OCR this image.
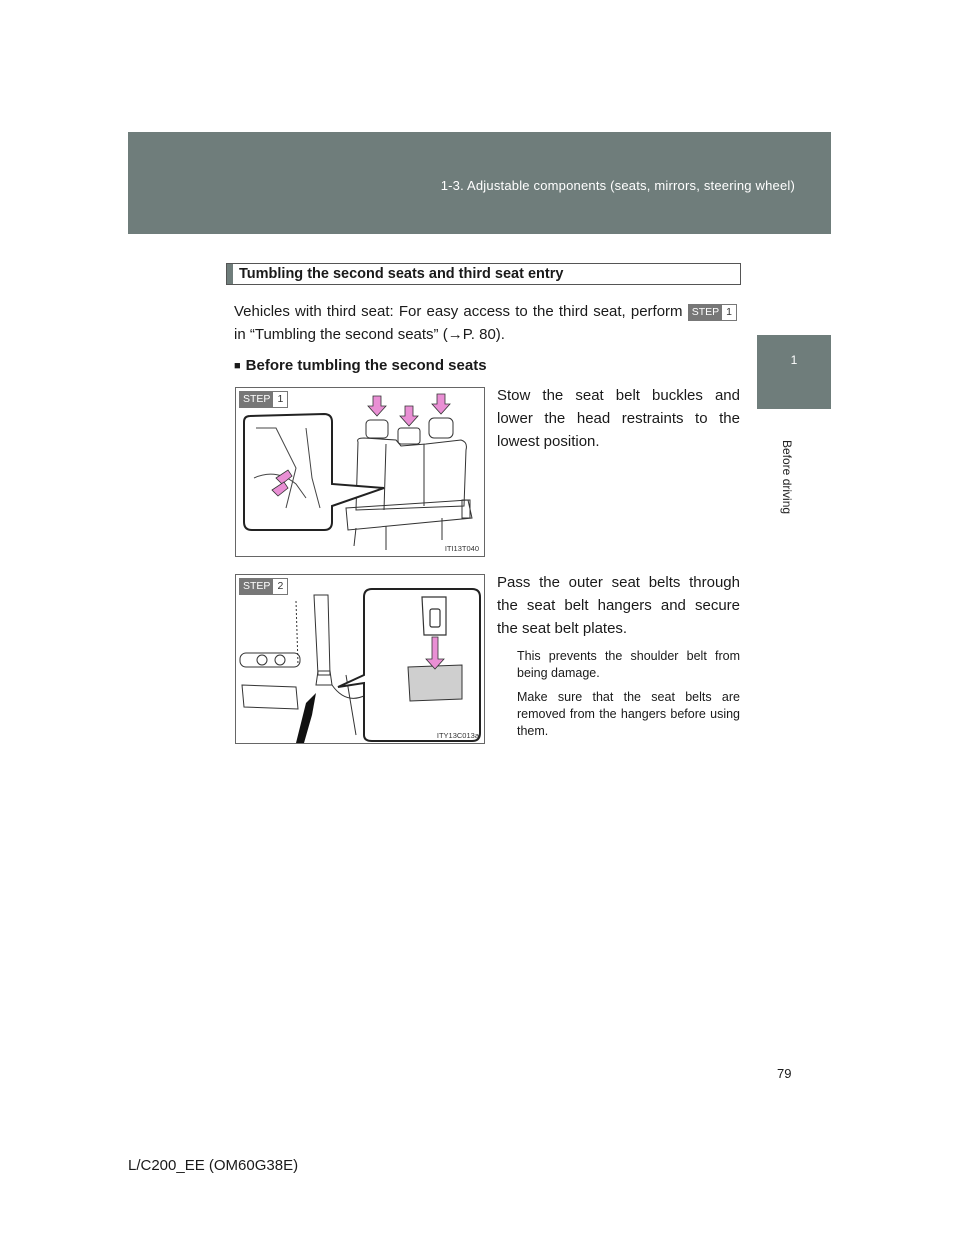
1-3. Adjustable components (seats, mirrors, steering wheel)
1
Before driving
Tumbling the second seats and third seat entry
Vehicles with third seat: For easy access to the third seat, perform STEP 1
in “Tumbling the second seats” (→P. 80).
■ Before tumbling the second seats
STEP 1
ITI13T040
Stow the seat belt buckles and lower the head restraints to the lowest position.
STEP 2
ITY13C013a
Pass the outer seat belts through the seat belt hangers and secure the seat belt plates.
This prevents the shoulder belt from being damage.
Make sure that the seat belts are removed from the hangers before using them.
79
L/C200_EE (OM60G38E)
